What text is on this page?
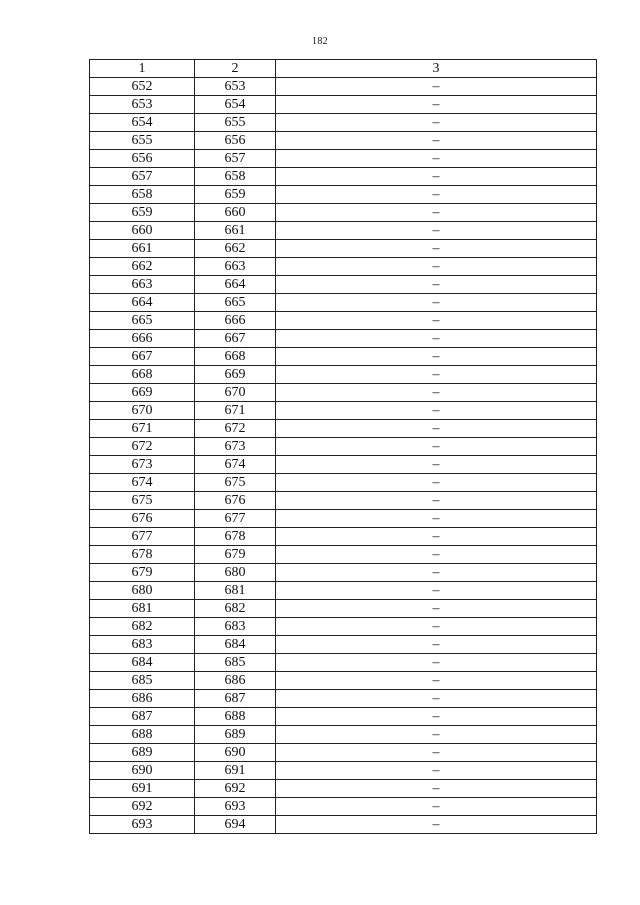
182
1	2	3
652	653	–
653	654	–
654	655	–
655	656	–
656	657	–
657	658	–
658	659	–
659	660	–
660	661	–
661	662	–
662	663	–
663	664	–
664	665	–
665	666	–
666	667	–
667	668	–
668	669	–
669	670	–
670	671	–
671	672	–
672	673	–
673	674	–
674	675	–
675	676	–
676	677	–
677	678	–
678	679	–
679	680	–
680	681	–
681	682	–
682	683	–
683	684	–
684	685	–
685	686	–
686	687	–
687	688	–
688	689	–
689	690	–
690	691	–
691	692	–
692	693	–
693	694	–
